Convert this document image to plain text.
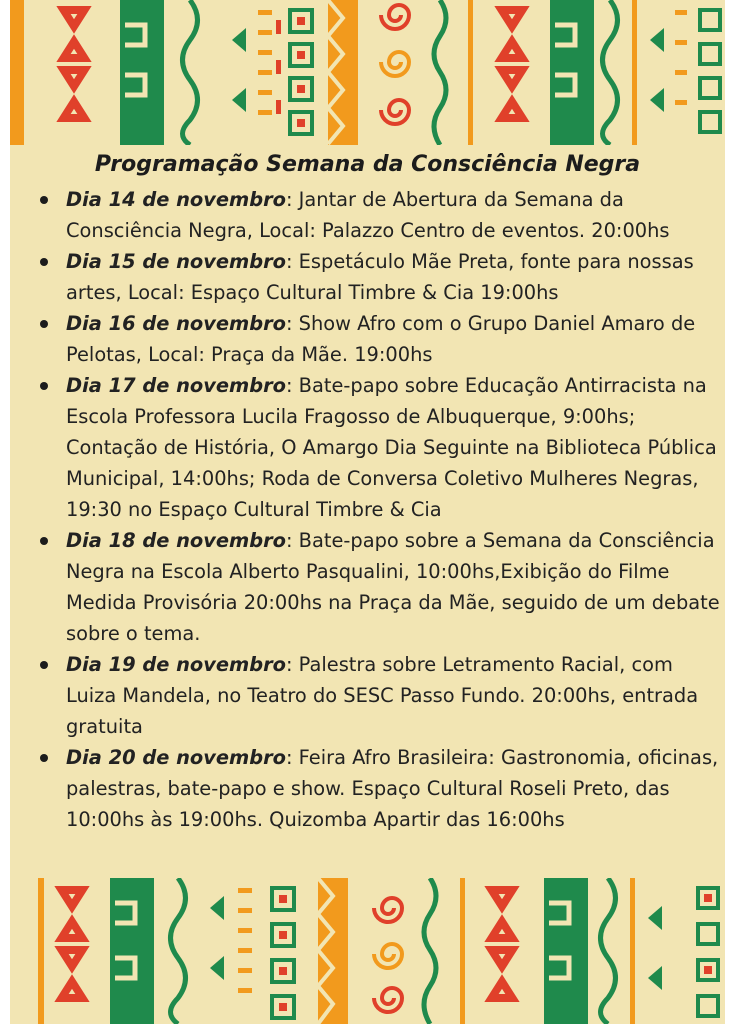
Programação Semana da Consciência Negra
Dia 14 de novembro: Jantar de Abertura da Semana da Consciência Negra, Local: Palazzo Centro de eventos. 20:00hs
Dia 15 de novembro: Espetáculo Mãe Preta, fonte para nossas artes, Local: Espaço Cultural Timbre & Cia 19:00hs
Dia 16 de novembro: Show Afro com o Grupo Daniel Amaro de Pelotas, Local: Praça da Mãe. 19:00hs
Dia 17 de novembro: Bate-papo sobre Educação Antirracista na Escola Professora Lucila Fragosso de Albuquerque, 9:00hs; Contação de História, O Amargo Dia Seguinte na Biblioteca Pública Municipal, 14:00hs; Roda de Conversa Coletivo Mulheres Negras, 19:30 no Espaço Cultural Timbre & Cia
Dia 18 de novembro: Bate-papo sobre a Semana da Consciência Negra na Escola Alberto Pasqualini, 10:00hs,Exibição do Filme Medida Provisória 20:00hs na Praça da Mãe, seguido de um debate sobre o tema.
Dia 19 de novembro: Palestra sobre Letramento Racial, com Luiza Mandela, no Teatro do SESC Passo Fundo. 20:00hs, entrada gratuita
Dia 20 de novembro: Feira Afro Brasileira: Gastronomia, oficinas, palestras, bate-papo e show. Espaço Cultural Roseli Preto, das 10:00hs às 19:00hs. Quizomba Apartir das 16:00hs
